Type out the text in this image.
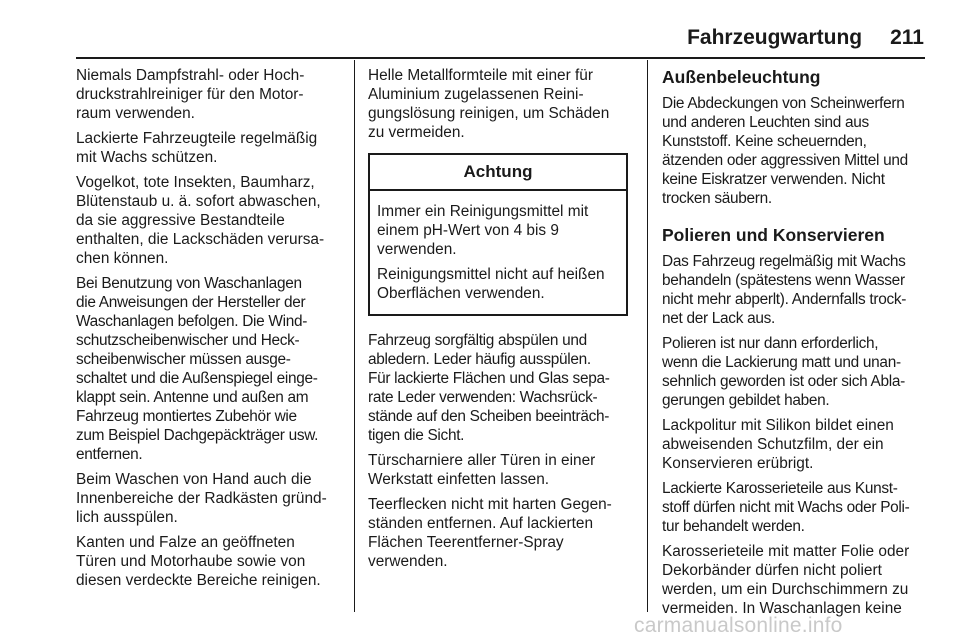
Fahrzeugwartung 211

Niemals Dampfstrahl- oder Hoch-
druckstrahlreiniger für den Motor-
raum verwenden.

Lackierte Fahrzeugteile regelmäßig
mit Wachs schützen.

Vogelkot, tote Insekten, Baumharz,
Blütenstaub u. ä. sofort abwaschen,
da sie aggressive Bestandteile
enthalten, die Lackschäden verursa-
chen können.

Bei Benutzung von Waschanlagen
die Anweisungen der Hersteller der
Waschanlagen befolgen. Die Wind-
schutzscheibenwischer und Heck-
scheibenwischer müssen ausge-
schaltet und die Außenspiegel einge-
klappt sein. Antenne und außen am
Fahrzeug montiertes Zubehör wie
zum Beispiel Dachgepäckträger usw.
entfernen.

Beim Waschen von Hand auch die
Innenbereiche der Radkästen gründ-
lich ausspülen.

Kanten und Falze an geöffneten
Türen und Motorhaube sowie von
diesen verdeckte Bereiche reinigen.

Helle Metallformteile mit einer für
Aluminium zugelassenen Reini-
gungslösung reinigen, um Schäden
zu vermeiden.

Achtung

Immer ein Reinigungsmittel mit
einem pH-Wert von 4 bis 9
verwenden.

Reinigungsmittel nicht auf heißen
Oberflächen verwenden.

Fahrzeug sorgfältig abspülen und
abledern. Leder häufig ausspülen.
Für lackierte Flächen und Glas sepa-
rate Leder verwenden: Wachsrück-
stände auf den Scheiben beeinträch-
tigen die Sicht.

Türscharniere aller Türen in einer
Werkstatt einfetten lassen.

Teerflecken nicht mit harten Gegen-
ständen entfernen. Auf lackierten
Flächen Teerentferner-Spray
verwenden.

Außenbeleuchtung

Die Abdeckungen von Scheinwerfern
und anderen Leuchten sind aus
Kunststoff. Keine scheuernden,
ätzenden oder aggressiven Mittel und
keine Eiskratzer verwenden. Nicht
trocken säubern.

Polieren und Konservieren

Das Fahrzeug regelmäßig mit Wachs
behandeln (spätestens wenn Wasser
nicht mehr abperlt). Andernfalls trock-
net der Lack aus.

Polieren ist nur dann erforderlich,
wenn die Lackierung matt und unan-
sehnlich geworden ist oder sich Abla-
gerungen gebildet haben.

Lackpolitur mit Silikon bildet einen
abweisenden Schutzfilm, der ein
Konservieren erübrigt.

Lackierte Karosserieteile aus Kunst-
stoff dürfen nicht mit Wachs oder Poli-
tur behandelt werden.

Karosserieteile mit matter Folie oder
Dekorbänder dürfen nicht poliert
werden, um ein Durchschimmern zu
vermeiden. In Waschanlagen keine

carmanualsonline.info
